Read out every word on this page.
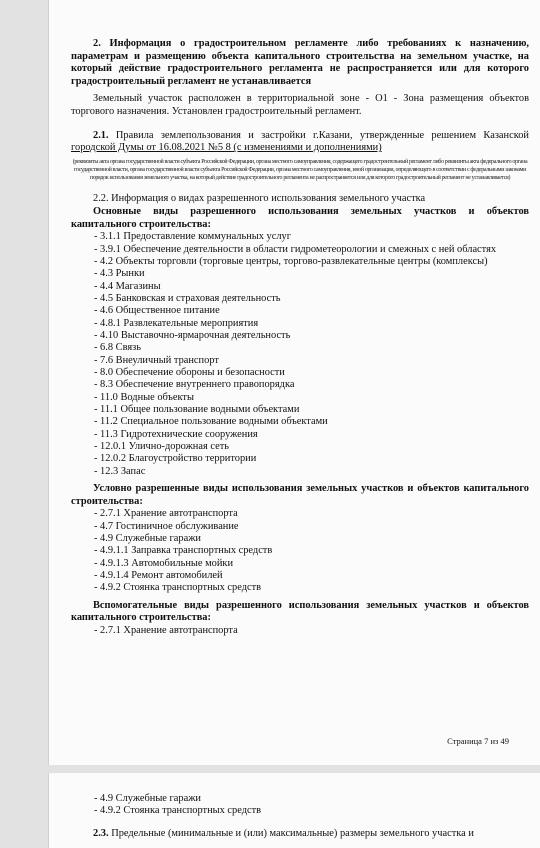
2. Информация о градостроительном регламенте либо требованиях к назначению, параметрам и размещению объекта капитального строительства на земельном участке, на который действие градостроительного регламента не распространяется или для которого градостроительный регламент не устанавливается

Земельный участок расположен в территориальной зоне - О1 - Зона размещения объектов торгового назначения. Установлен градостроительный регламент.

2.1. Правила землепользования и застройки г.Казани, утвержденные решением Казанской городской Думы от 16.08.2021 №5 8 (с изменениями и дополнениями)

(реквизиты акта органа государственной власти субъекта Российской Федерации, органа местного самоуправления, содержащего градостроительный регламент либо реквизиты акта федерального органа государственной власти, органа государственной власти субъекта Российской Федерации, органа местного самоуправления, иной организации, определяющего в соответствии с федеральными законами порядок использования земельного участка, на который действие градостроительного регламента не распространяется или для которого градостроительный регламент не устанавливается)

2.2. Информация о видах разрешенного использования земельного участка

Основные виды разрешенного использования земельных участков и объектов капитального строительства:

- 3.1.1 Предоставление коммунальных услуг
- 3.9.1 Обеспечение деятельности в области гидрометеорологии и смежных с ней областях
- 4.2 Объекты торговли (торговые центры, торгово-развлекательные центры (комплексы)
- 4.3 Рынки
- 4.4 Магазины
- 4.5 Банковская и страховая деятельность
- 4.6 Общественное питание
- 4.8.1 Развлекательные мероприятия
- 4.10 Выставочно-ярмарочная деятельность
- 6.8 Связь
- 7.6 Внеуличный транспорт
- 8.0 Обеспечение обороны и безопасности
- 8.3 Обеспечение внутреннего правопорядка
- 11.0 Водные объекты
- 11.1 Общее пользование водными объектами
- 11.2 Специальное пользование водными объектами
- 11.3 Гидротехнические сооружения
- 12.0.1 Улично-дорожная сеть
- 12.0.2 Благоустройство территории
- 12.3 Запас

Условно разрешенные виды использования земельных участков и объектов капитального строительства:

- 2.7.1 Хранение автотранспорта
- 4.7 Гостиничное обслуживание
- 4.9 Служебные гаражи
- 4.9.1.1 Заправка транспортных средств
- 4.9.1.3 Автомобильные мойки
- 4.9.1.4 Ремонт автомобилей
- 4.9.2 Стоянка транспортных средств

Вспомогательные виды разрешенного использования земельных участков и объектов капитального строительства:

- 2.7.1 Хранение автотранспорта
Страница 7 из 49
- 4.9 Служебные гаражи
- 4.9.2 Стоянка транспортных средств

2.3. Предельные (минимальные и (или) максимальные) размеры земельного участка и
